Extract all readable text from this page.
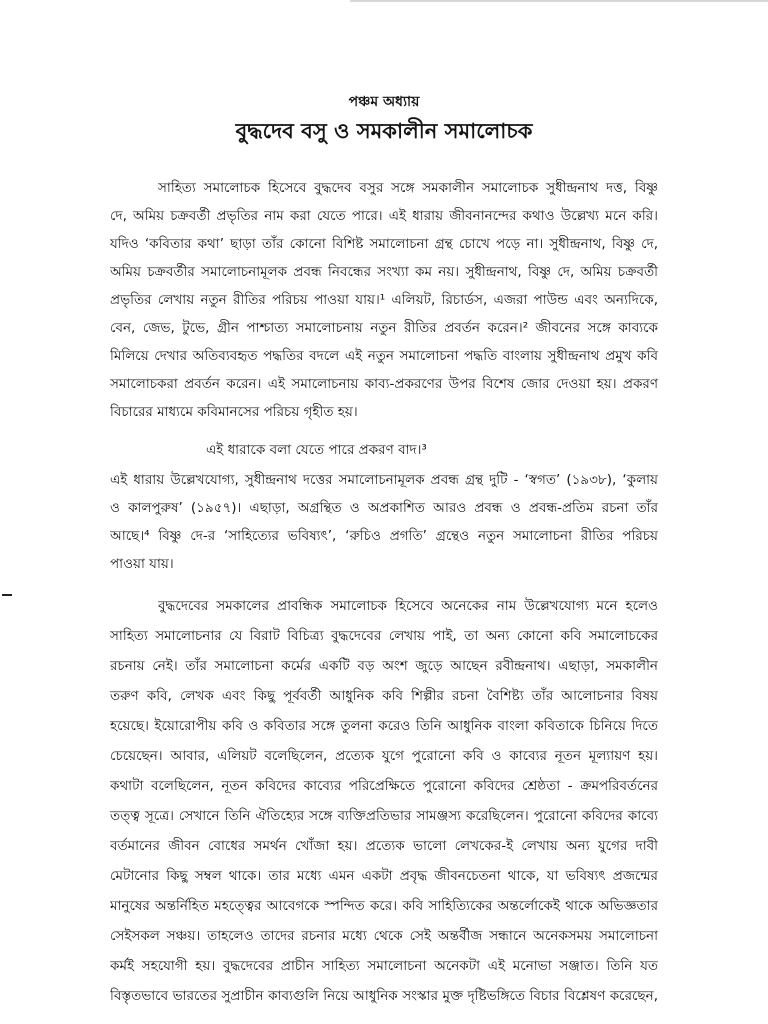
পঞ্চম অধ্যায়
বুদ্ধদেব বসু ও সমকালীন সমালোচক
সাহিত্য সমালোচক হিসেবে বুদ্ধদেব বসুর সঙ্গে সমকালীন সমালোচক সুধীন্দ্রনাথ দত্ত, বিষ্ণু
দে, অমিয় চক্রবর্তী প্রভৃতির নাম করা যেতে পারে। এই ধারায় জীবনানন্দের কথাও উল্লেখ্য মনে করি।
যদিও ‘কবিতার কথা’ ছাড়া তাঁর কোনো বিশিষ্ট সমালোচনা গ্রন্থ চোখে পড়ে না। সুধীন্দ্রনাথ, বিষ্ণু দে,
অমিয় চক্রবর্তীর সমালোচনামূলক প্রবন্ধ নিবন্ধের সংখ্যা কম নয়। সুধীন্দ্রনাথ, বিষ্ণু দে, অমিয় চক্রবর্তী
প্রভৃতির লেখায় নতুন রীতির পরিচয় পাওয়া যায়।¹ এলিয়ট, রিচার্ডস, এজরা পাউন্ড এবং অন্যদিকে,
বেন, জেভ, টুভে, গ্রীন পাশ্চাত্য সমালোচনায় নতুন রীতির প্রবর্তন করেন।² জীবনের সঙ্গে কাব্যকে
মিলিয়ে দেখার অতিব্যবহৃত পদ্ধতির বদলে এই নতুন সমালোচনা পদ্ধতি বাংলায় সুধীন্দ্রনাথ প্রমুখ কবি
সমালোচকরা প্রবর্তন করেন। এই সমালোচনায় কাব্য-প্রকরণের উপর বিশেষ জোর দেওয়া হয়। প্রকরণ
বিচারের মাধ্যমে কবিমানসের পরিচয় গৃহীত হয়।
এই ধারাকে বলা যেতে পারে প্রকরণ বাদ।³
এই ধারায় উল্লেখযোগ্য, সুধীন্দ্রনাথ দত্তের সমালোচনামূলক প্রবন্ধ গ্রন্থ দুটি - ‘স্বগত’ (১৯৩৮), ‘কুলায়
ও কালপুরুষ’ (১৯৫৭)। এছাড়া, অগ্রন্থিত ও অপ্রকাশিত আরও প্রবন্ধ ও প্রবন্ধ-প্রতিম রচনা তাঁর
আছে।⁴ বিষ্ণু দে-র ‘সাহিত্যের ভবিষ্যৎ’, ‘রুচিও প্রগতি’ গ্রন্থেও নতুন সমালোচনা রীতির পরিচয়
পাওয়া যায়।
বুদ্ধদেবের সমকালের প্রাবন্ধিক সমালোচক হিসেবে অনেকের নাম উল্লেখযোগ্য মনে হলেও
সাহিত্য সমালোচনার যে বিরাট বিচিত্র্য বুদ্ধদেবের লেখায় পাই, তা অন্য কোনো কবি সমালোচকের
রচনায় নেই। তাঁর সমালোচনা কর্মের একটি বড় অংশ জুড়ে আছেন রবীন্দ্রনাথ। এছাড়া, সমকালীন
তরুণ কবি, লেখক এবং কিছু পূর্ববর্তী আধুনিক কবি শিল্পীর রচনা বৈশিষ্ট্য তাঁর আলোচনার বিষয়
হয়েছে। ইয়োরোপীয় কবি ও কবিতার সঙ্গে তুলনা করেও তিনি আধুনিক বাংলা কবিতাকে চিনিয়ে দিতে
চেয়েছেন। আবার, এলিয়ট বলেছিলেন, প্রত্যেক যুগে পুরোনো কবি ও কাব্যের নূতন মূল্যায়ণ হয়।
কথাটা বলেছিলেন, নূতন কবিদের কাব্যের পরিপ্রেক্ষিতে পুরোনো কবিদের শ্রেষ্ঠতা - ক্রমপরিবর্তনের
তত্ত্ব সূত্রে। সেখানে তিনি ঐতিহ্যের সঙ্গে ব্যক্তিপ্রতিভার সামঞ্জস্য করেছিলেন। পুরোনো কবিদের কাব্যে
বর্তমানের জীবন বোধের সমর্থন খোঁজা হয়। প্রত্যেক ভালো লেখকের-ই লেখায় অন্য যুগের দাবী
মেটানোর কিছু সম্বল থাকে। তার মধ্যে এমন একটা প্রবৃদ্ধ জীবনচেতনা থাকে, যা ভবিষ্যৎ প্রজন্মের
মানুষের অন্তর্নিহিত মহত্ত্বের আবেগকে স্পন্দিত করে। কবি সাহিত্যিকের অন্তর্লোকেই থাকে অভিজ্ঞতার
সেইসকল সঞ্চয়। তাহলেও তাদের রচনার মধ্যে থেকে সেই অন্তর্বীজ সন্ধানে অনেকসময় সমালোচনা
কর্মই সহযোগী হয়। বুদ্ধদেবের প্রাচীন সাহিত্য সমালোচনা অনেকটা এই মনোভা সঞ্জাত। তিনি যত
বিস্তৃতভাবে ভারতের সুপ্রাচীন কাব্যগুলি নিয়ে আধুনিক সংস্কার মুক্ত দৃষ্টিভঙ্গিতে বিচার বিশ্লেষণ করেছেন,
